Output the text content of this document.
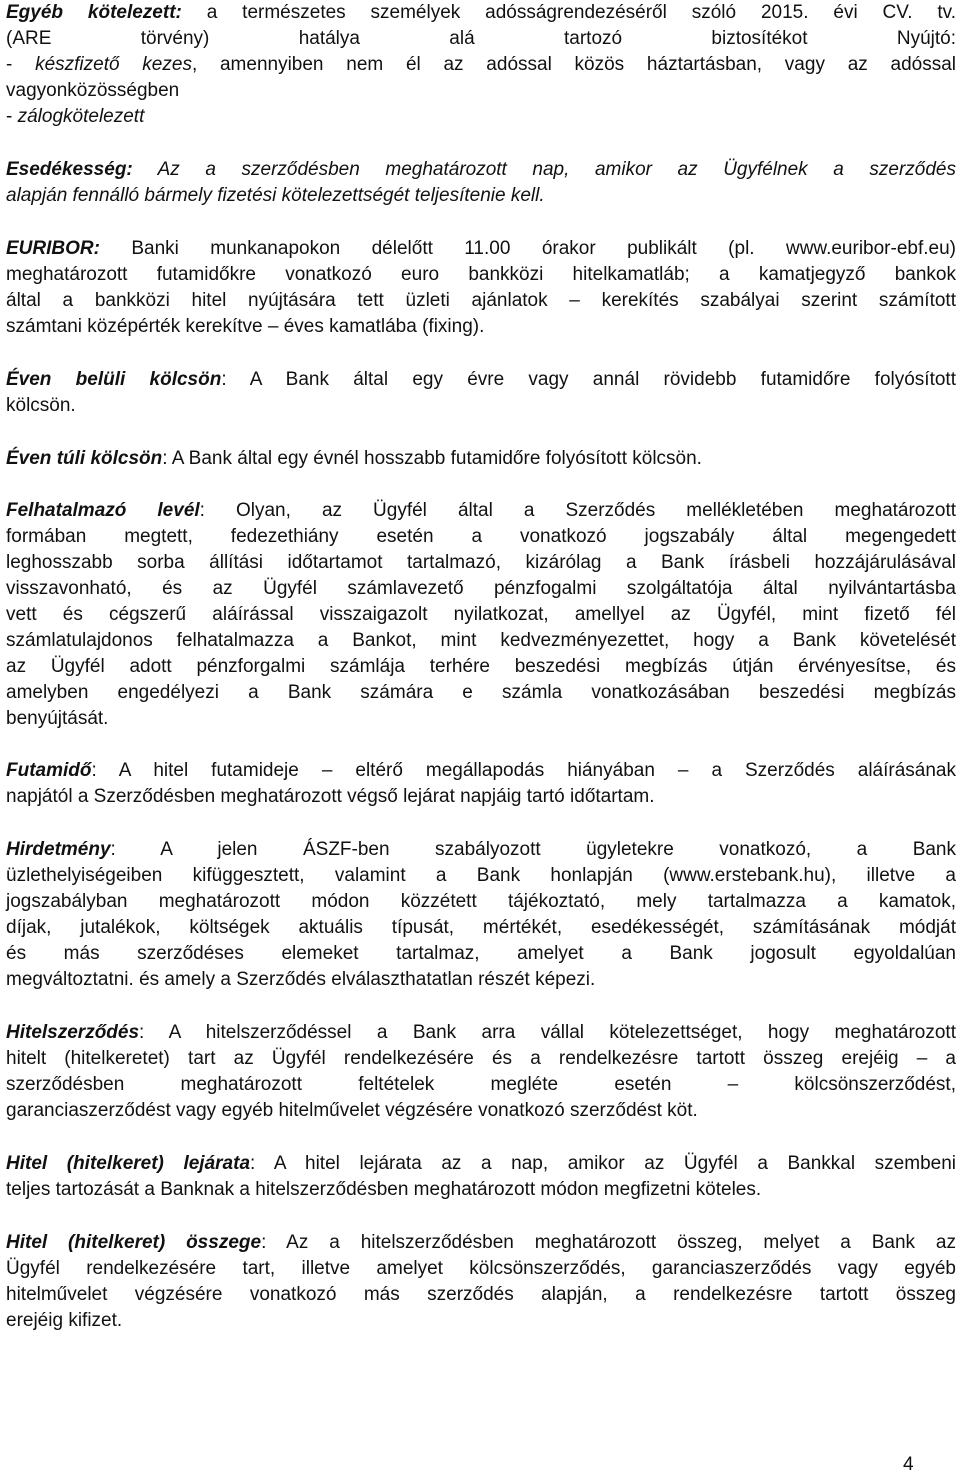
Egyéb kötelezett: a természetes személyek adósságrendezéséről szóló 2015. évi CV. tv.
(ARE törvény) hatálya alá tartozó biztosítékot Nyújtó:
- készfizető kezes, amennyiben nem él az adóssal közös háztartásban, vagy az adóssal
vagyonközösségben
- zálogkötelezett
Esedékesség: Az a szerződésben meghatározott nap, amikor az Ügyfélnek a szerződés
alapján fennálló bármely fizetési kötelezettségét teljesítenie kell.
EURIBOR: Banki munkanapokon délelőtt 11.00 órakor publikált (pl. www.euribor-ebf.eu)
meghatározott futamidőkre vonatkozó euro bankközi hitelkamatláb; a kamatjegyző bankok
által a bankközi hitel nyújtására tett üzleti ajánlatok – kerekítés szabályai szerint számított
számtani középérték kerekítve – éves kamatlába (fixing).
Éven belüli kölcsön: A Bank által egy évre vagy annál rövidebb futamidőre folyósított
kölcsön.
Éven túli kölcsön: A Bank által egy évnél hosszabb futamidőre folyósított kölcsön.
Felhatalmazó levél: Olyan, az Ügyfél által a Szerződés mellékletében meghatározott
formában megtett, fedezethiány esetén a vonatkozó jogszabály által megengedett
leghosszabb sorba állítási időtartamot tartalmazó, kizárólag a Bank írásbeli hozzájárulásával
visszavonható, és az Ügyfél számlavezető pénzfogalmi szolgáltatója által nyilvántartásba
vett és cégszerű aláírással visszaigazolt nyilatkozat, amellyel az Ügyfél, mint fizető fél
számlatulajdonos felhatalmazza a Bankot, mint kedvezményezettet, hogy a Bank követelését
az Ügyfél adott pénzforgalmi számlája terhére beszedési megbízás útján érvényesítse, és
amelyben engedélyezi a Bank számára e számla vonatkozásában beszedési megbízás
benyújtását.
Futamidő: A hitel futamideje – eltérő megállapodás hiányában – a Szerződés aláírásának
napjától a Szerződésben meghatározott végső lejárat napjáig tartó időtartam.
Hirdetmény: A jelen ÁSZF-ben szabályozott ügyletekre vonatkozó, a Bank
üzlethelyiségeiben kifüggesztett, valamint a Bank honlapján (www.erstebank.hu), illetve a
jogszabályban meghatározott módon közzétett tájékoztató, mely tartalmazza a kamatok,
díjak, jutalékok, költségek aktuális típusát, mértékét, esedékességét, számításának módját
és más szerződéses elemeket tartalmaz, amelyet a Bank jogosult egyoldalúan
megváltoztatni. és amely a Szerződés elválaszthatatlan részét képezi.
Hitelszerződés: A hitelszerződéssel a Bank arra vállal kötelezettséget, hogy meghatározott
hitelt (hitelkeretet) tart az Ügyfél rendelkezésére és a rendelkezésre tartott összeg erejéig – a
szerződésben meghatározott feltételek megléte esetén – kölcsönszerződést,
garanciaszerződést vagy egyéb hitelművelet végzésére vonatkozó szerződést köt.
Hitel (hitelkeret) lejárata: A hitel lejárata az a nap, amikor az Ügyfél a Bankkal szembeni
teljes tartozását a Banknak a hitelszerződésben meghatározott módon megfizetni köteles.
Hitel (hitelkeret) összege: Az a hitelszerződésben meghatározott összeg, melyet a Bank az
Ügyfél rendelkezésére tart, illetve amelyet kölcsönszerződés, garanciaszerződés vagy egyéb
hitelművelet végzésére vonatkozó más szerződés alapján, a rendelkezésre tartott összeg
erejéig kifizet.
4
